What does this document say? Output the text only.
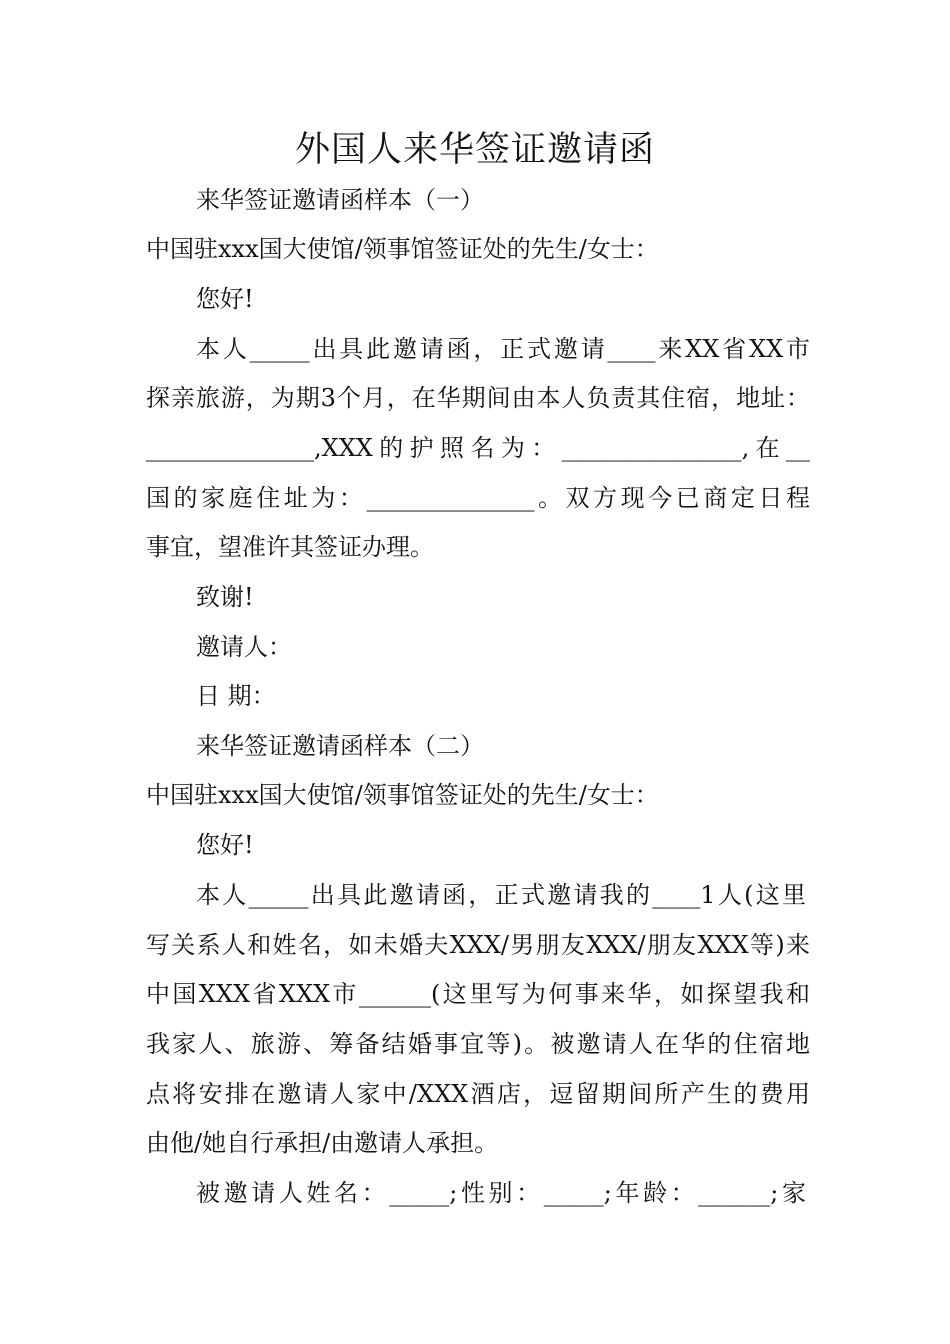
外国人来华签证邀请函

来华签证邀请函样本（一）

中国驻xxx国大使馆/领事馆签证处的先生/女士：

您好!

本人_____出具此邀请函，正式邀请____来XX省XX市

探亲旅游，为期3个月，在华期间由本人负责其住宿，地址：

______________,XXX的护照名为：_______________,在__

国的家庭住址为：______________。双方现今已商定日程

事宜，望准许其签证办理。

致谢!

邀请人：

日 期：

来华签证邀请函样本（二）

中国驻xxx国大使馆/领事馆签证处的先生/女士：

您好!

本人_____出具此邀请函，正式邀请我的____1人(这里

写关系人和姓名，如未婚夫XXX/男朋友XXX/朋友XXX等)来

中国XXX省XXX市______(这里写为何事来华，如探望我和

我家人、旅游、筹备结婚事宜等)。被邀请人在华的住宿地

点将安排在邀请人家中/XXX酒店，逗留期间所产生的费用

由他/她自行承担/由邀请人承担。

被邀请人姓名：_____;性别：_____;年龄：______;家
